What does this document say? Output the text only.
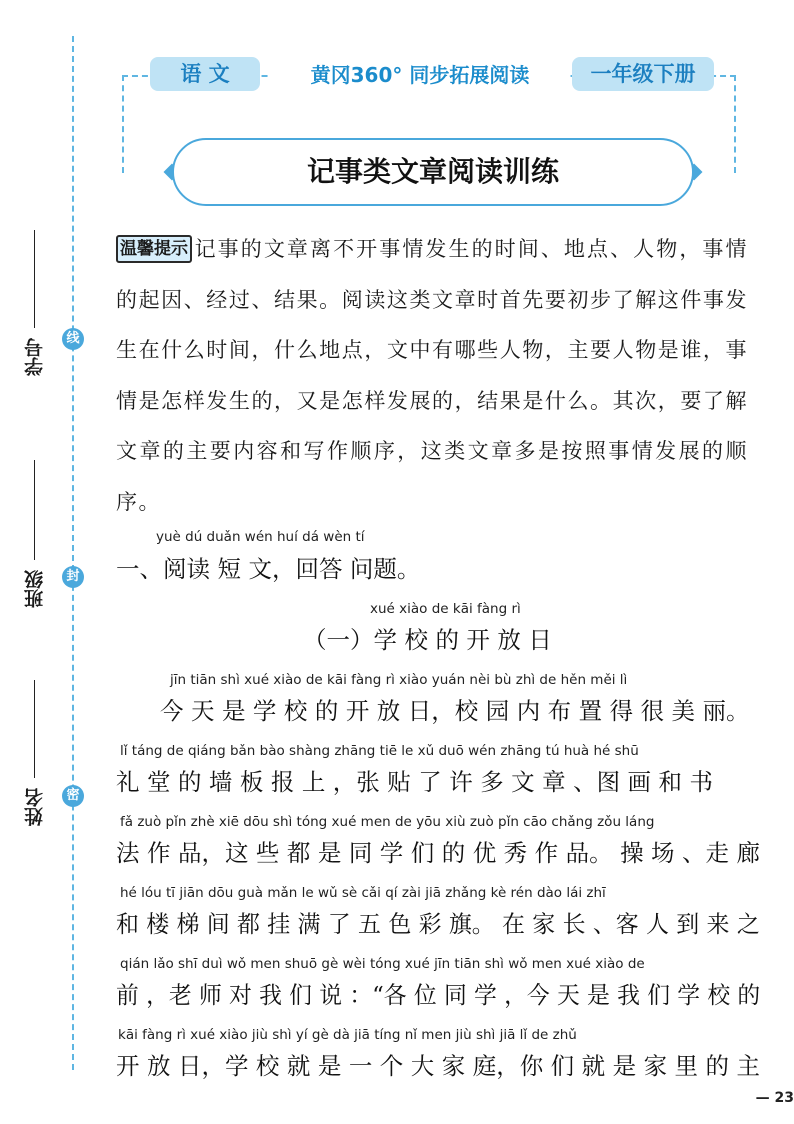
线
封
密
学号
班级
姓名
语 文	黄冈360° 同步拓展阅读	一年级下册
记事类文章阅读训练
温馨提示 记事的文章离不开事情发生的时间、地点、人物，事情的起因、经过、结果。阅读这类文章时首先要初步了解这件事发生在什么时间，什么地点，文中有哪些人物，主要人物是谁，事情是怎样发生的，又是怎样发展的，结果是什么。其次，要了解文章的主要内容和写作顺序，这类文章多是按照事情发展的顺序。
yuè dú duǎn wén huí dá wèn tí
一、阅读 短 文，回答 问题。
xué xiào de kāi fàng rì
（一）学 校 的 开 放 日
jīn tiān shì xué xiào de kāi fàng rì xiào yuán nèi bù zhì de hěn měi lì
今 天 是 学 校 的 开 放 日，校 园 内 布 置 得 很 美 丽。
lǐ táng de qiáng bǎn bào shàng zhāng tiē le xǔ duō wén zhāng tú huà hé shū
礼 堂 的 墙 板 报 上 ，张 贴 了 许 多 文 章 、图 画 和 书
fǎ zuò pǐn zhè xiē dōu shì tóng xué men de yōu xiù zuò pǐn cāo chǎng zǒu láng
法 作 品，这 些 都 是 同 学 们 的 优 秀 作 品。 操 场 、走 廊
hé lóu tī jiān dōu guà mǎn le wǔ sè cǎi qí zài jiā zhǎng kè rén dào lái zhī
和 楼 梯 间 都 挂 满 了 五 色 彩 旗。 在 家 长 、客 人 到 来 之
qián lǎo shī duì wǒ men shuō gè wèi tóng xué jīn tiān shì wǒ men xué xiào de
前 ，老 师 对 我 们 说 ：“各 位 同 学 ，今 天 是 我 们 学 校 的
kāi fàng rì xué xiào jiù shì yí gè dà jiā tíng nǐ men jiù shì jiā lǐ de zhǔ
开 放 日，学 校 就 是 一 个 大 家 庭，你 们 就 是 家 里 的 主
— 23
